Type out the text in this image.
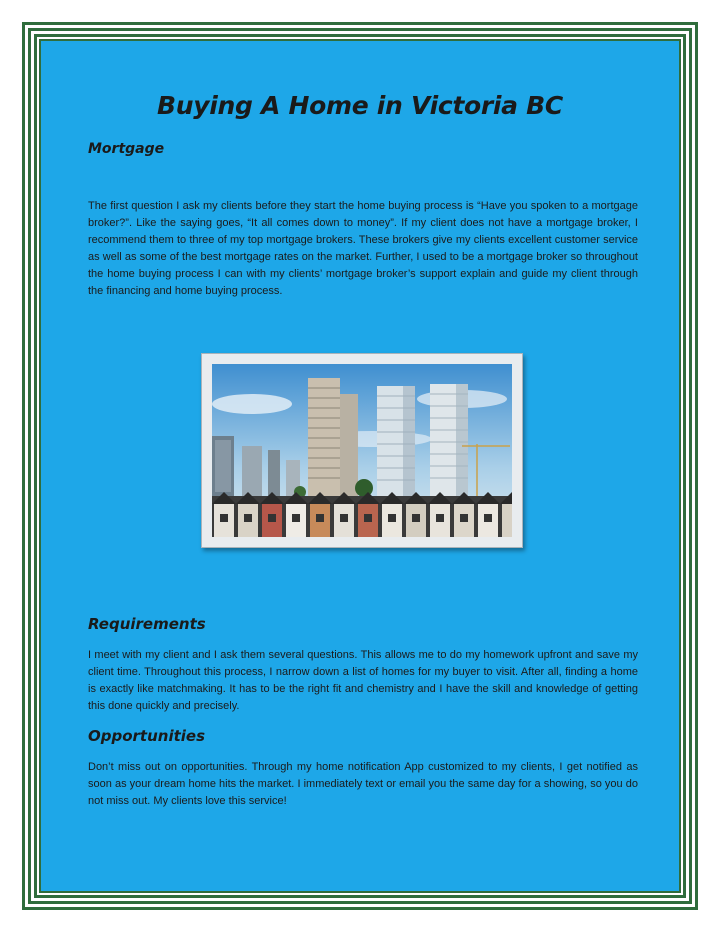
Buying A Home in Victoria BC
Mortgage
The first question I ask my clients before they start the home buying process is “Have you spoken to a mortgage broker?”. Like the saying goes, “It all comes down to money”. If my client does not have a mortgage broker, I recommend them to three of my top mortgage brokers. These brokers give my clients excellent customer service as well as some of the best mortgage rates on the market. Further, I used to be a mortgage broker so throughout the home buying process I can with my clients’ mortgage broker’s support explain and guide my client through the financing and home buying process.
Requirements
I meet with my client and I ask them several questions. This allows me to do my homework upfront and save my client time. Throughout this process, I narrow down a list of homes for my buyer to visit. After all, finding a home is exactly like matchmaking. It has to be the right fit and chemistry and I have the skill and knowledge of getting this done quickly and precisely.
Opportunities
Don’t miss out on opportunities. Through my home notification App customized to my clients, I get notified as soon as your dream home hits the market. I immediately text or email you the same day for a showing, so you do not miss out. My clients love this service!
